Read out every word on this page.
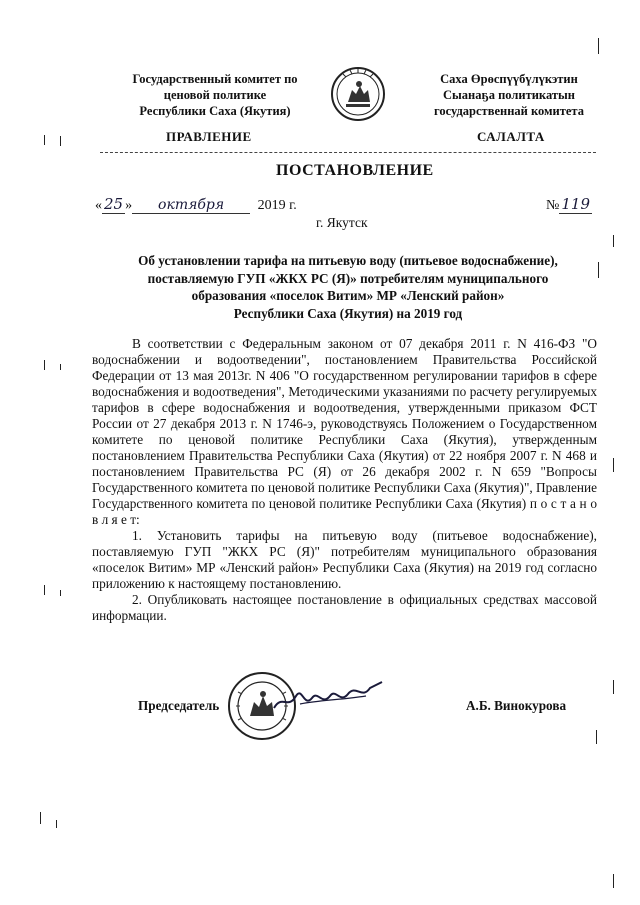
Государственный комитет по
ценовой политике
Республики Саха (Якутия)
Саха Өрөспүүбүлүкэтин
Сыанаҕа политикатын
государственнай комитета
ПРАВЛЕНИЕ	САЛАЛТА
ПОСТАНОВЛЕНИЕ
« 25 » октября 2019 г.	№ 119
г. Якутск
Об установлении тарифа на питьевую воду (питьевое водоснабжение),
поставляемую ГУП «ЖКХ РС (Я)» потребителям муниципального
образования «поселок Витим» МР «Ленский район»
Республики Саха (Якутия) на 2019 год

В соответствии с Федеральным законом от 07 декабря 2011 г. N 416-ФЗ "О водоснабжении и водоотведении", постановлением Правительства Российской Федерации от 13 мая 2013г. N 406 "О государственном регулировании тарифов в сфере водоснабжения и водоотведения", Методическими указаниями по расчету регулируемых тарифов в сфере водоснабжения и водоотведения, утвержденными приказом ФСТ России от 27 декабря 2013 г. N 1746-э, руководствуясь Положением о Государственном комитете по ценовой политике Республики Саха (Якутия), утвержденным постановлением Правительства Республики Саха (Якутия) от 22 ноября 2007 г. N 468 и постановлением Правительства РС (Я) от 26 декабря 2002 г. N 659 "Вопросы Государственного комитета по ценовой политике Республики Саха (Якутия)", Правление Государственного комитета по ценовой политике Республики Саха (Якутия) п о с т а н о в л я е т:

1. Установить тарифы на питьевую воду (питьевое водоснабжение), поставляемую ГУП "ЖКХ РС (Я)" потребителям муниципального образования «поселок Витим» МР «Ленский район» Республики Саха (Якутия) на 2019 год согласно приложению к настоящему постановлению.

2. Опубликовать настоящее постановление в официальных средствах массовой информации.

Председатель	А.Б. Винокурова
